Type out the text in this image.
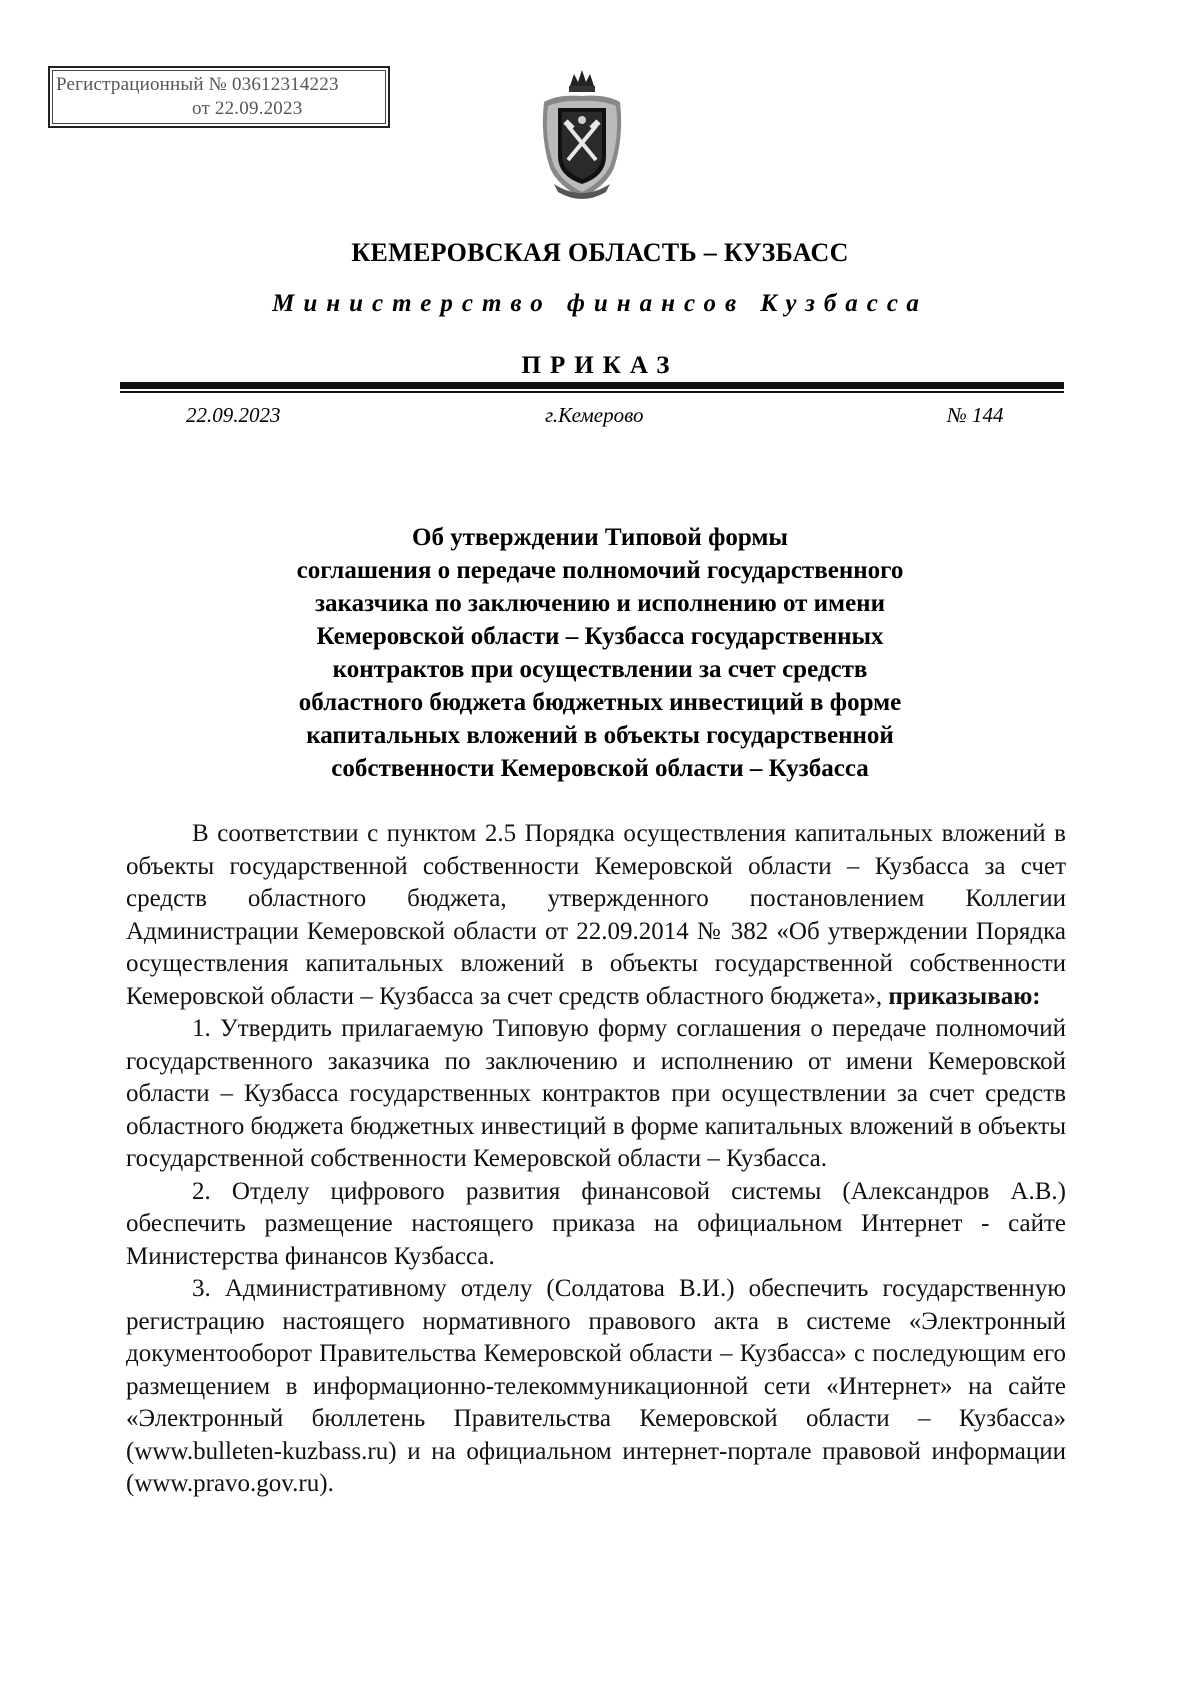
Регистрационный № 03612314223
от 22.09.2023
КЕМЕРОВСКАЯ ОБЛАСТЬ – КУЗБАСС
Министерство финансов Кузбасса
ПРИКАЗ
22.09.2023	г.Кемерово	№ 144
Об утверждении Типовой формы
соглашения о передаче полномочий государственного
заказчика по заключению и исполнению от имени
Кемеровской области – Кузбасса государственных
контрактов при осуществлении за счет средств
областного бюджета бюджетных инвестиций в форме
капитальных вложений в объекты государственной
собственности Кемеровской области – Кузбасса

В соответствии с пунктом 2.5 Порядка осуществления капитальных вложений в объекты государственной собственности Кемеровской области – Кузбасса за счет средств областного бюджета, утвержденного постановлением Коллегии Администрации Кемеровской области от 22.09.2014 № 382 «Об утверждении Порядка осуществления капитальных вложений в объекты государственной собственности Кемеровской области – Кузбасса за счет средств областного бюджета», приказываю:

1. Утвердить прилагаемую Типовую форму соглашения о передаче полномочий государственного заказчика по заключению и исполнению от имени Кемеровской области – Кузбасса государственных контрактов при осуществлении за счет средств областного бюджета бюджетных инвестиций в форме капитальных вложений в объекты государственной собственности Кемеровской области – Кузбасса.

2. Отделу цифрового развития финансовой системы (Александров А.В.) обеспечить размещение настоящего приказа на официальном Интернет - сайте Министерства финансов Кузбасса.

3. Административному отделу (Солдатова В.И.) обеспечить государственную регистрацию настоящего нормативного правового акта в системе «Электронный документооборот Правительства Кемеровской области – Кузбасса» с последующим его размещением в информационно-телекоммуникационной сети «Интернет» на сайте «Электронный бюллетень Правительства Кемеровской области – Кузбасса» (www.bulleten-kuzbass.ru) и на официальном интернет-портале правовой информации (www.pravo.gov.ru).
